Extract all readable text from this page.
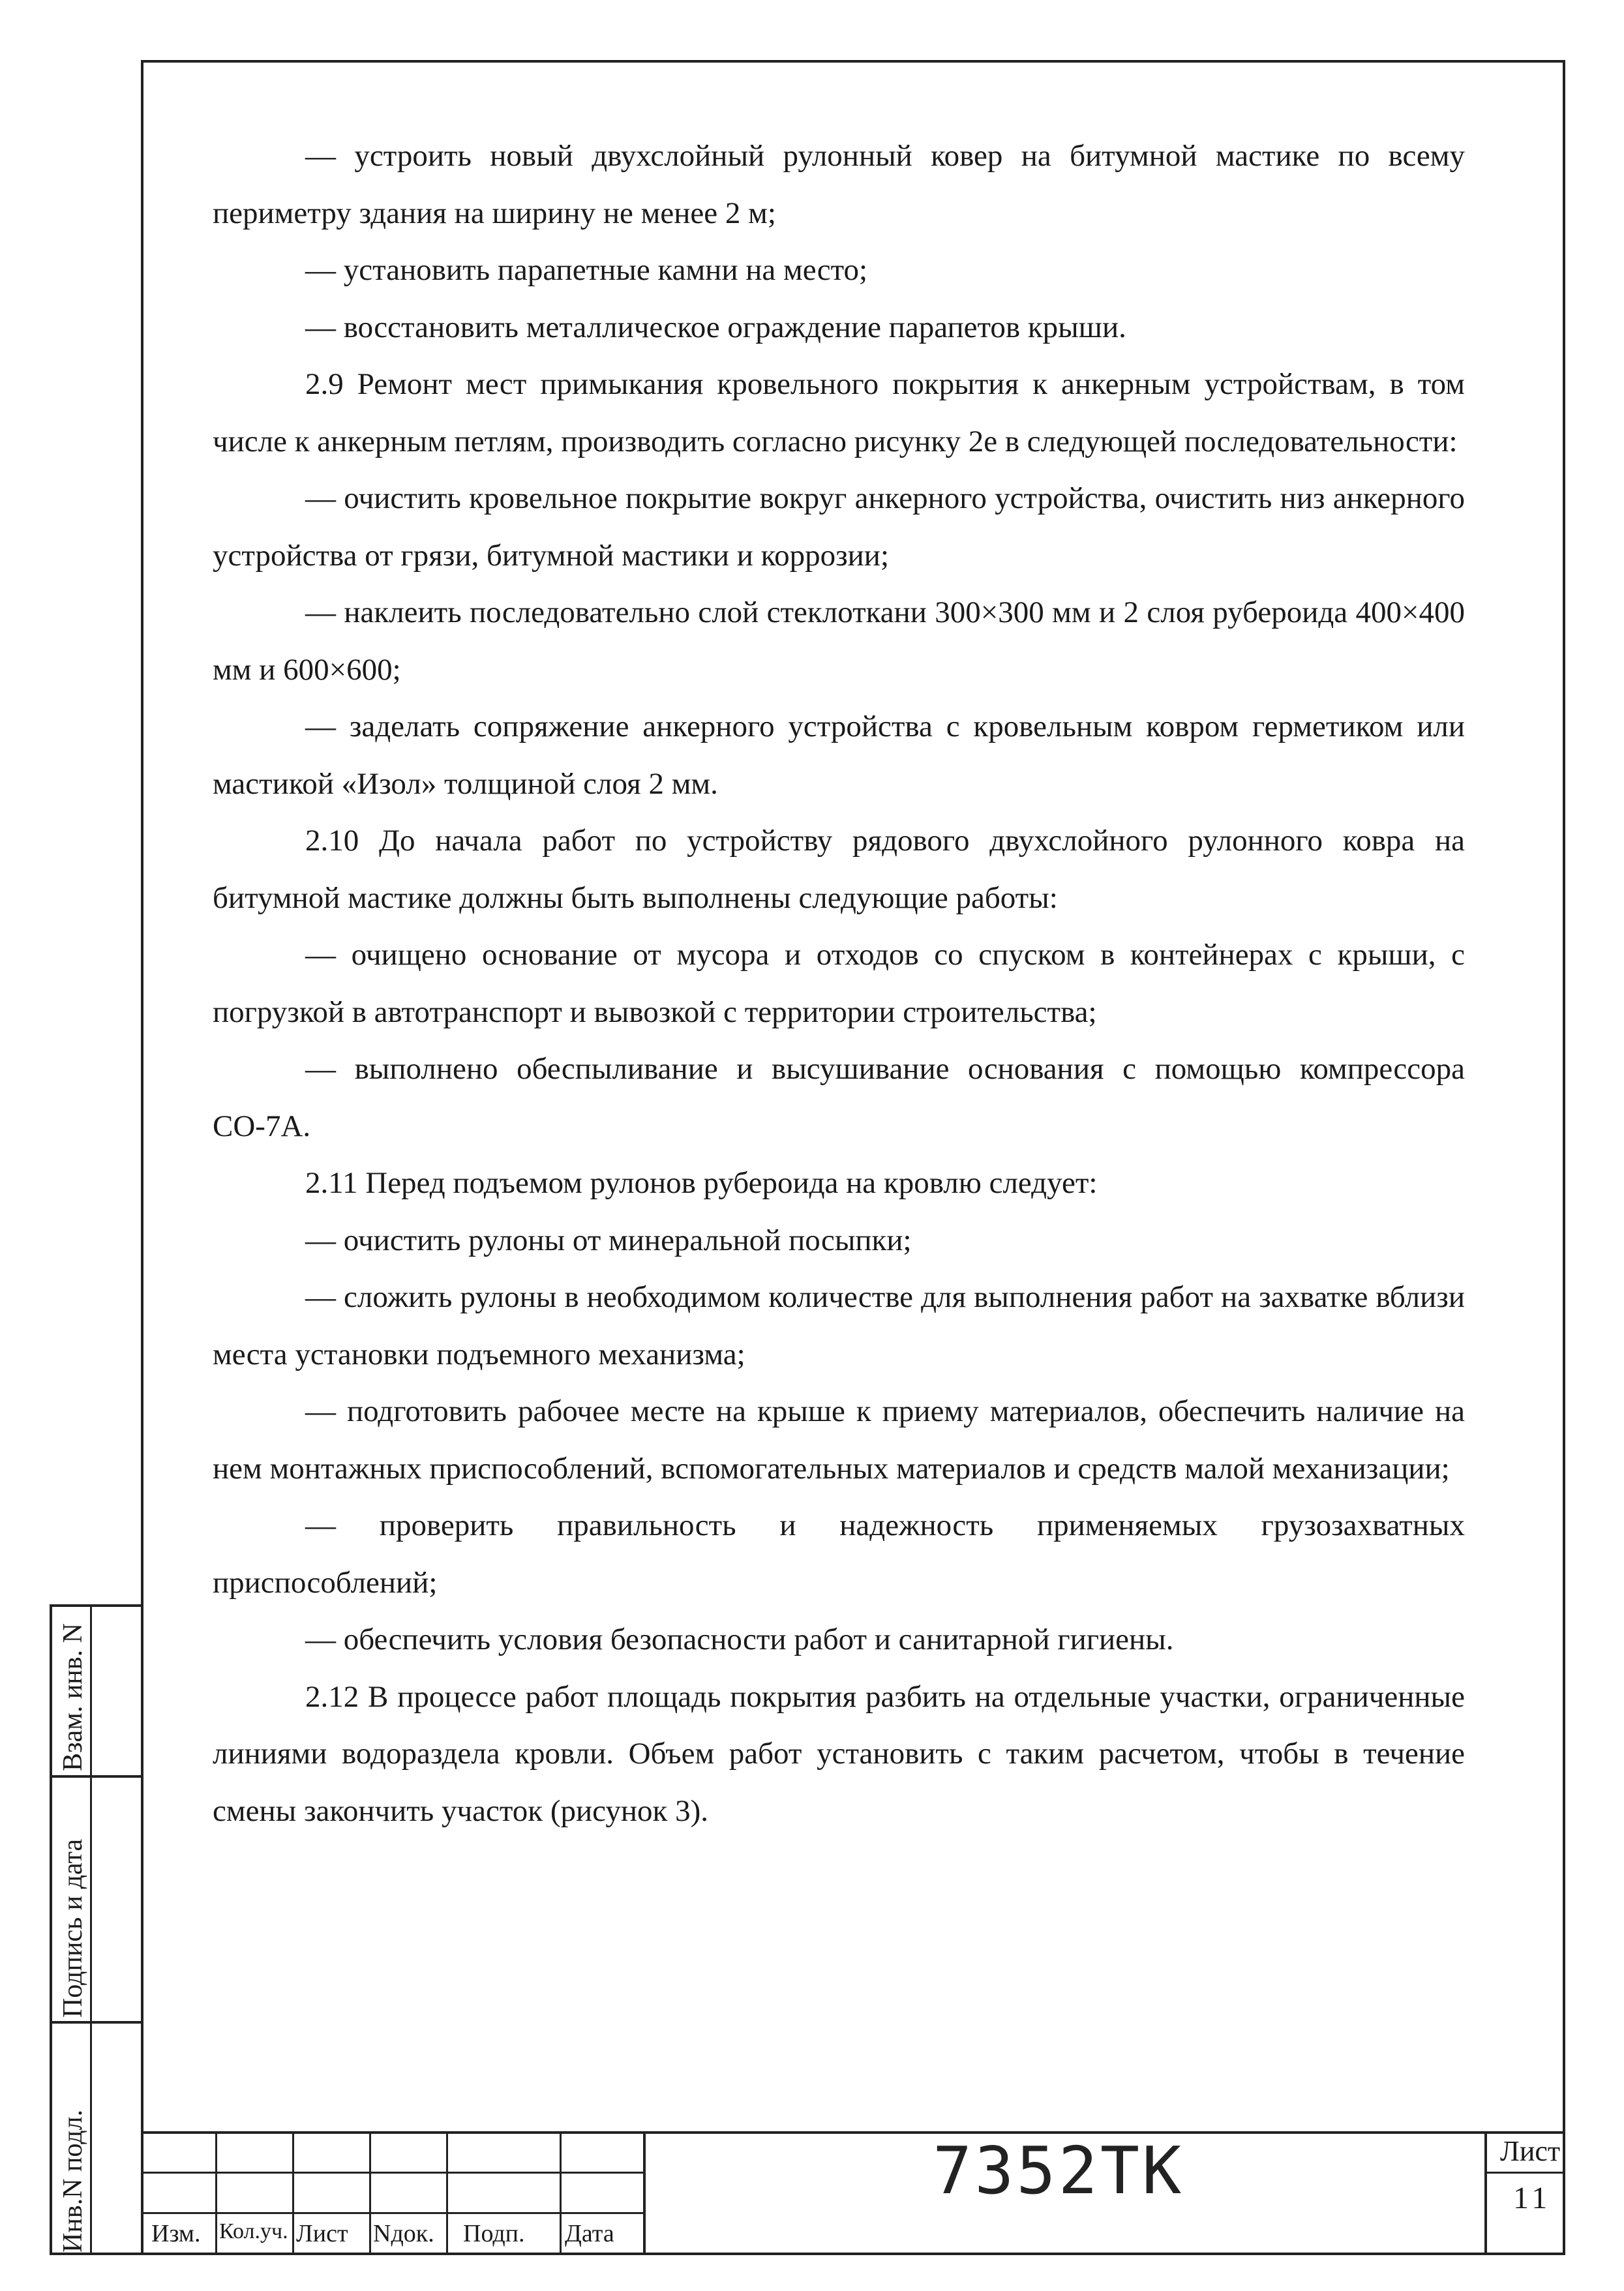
— устроить новый двухслойный рулонный ковер на битумной мастике по всему периметру здания на ширину не менее 2 м;

— установить парапетные камни на место;

— восстановить металлическое ограждение парапетов крыши.

2.9 Ремонт мест примыкания кровельного покрытия к анкерным устройствам, в том числе к анкерным петлям, производить согласно рисунку 2е в следующей последовательности:

— очистить кровельное покрытие вокруг анкерного устройства, очистить низ анкерного устройства от грязи, битумной мастики и коррозии;

— наклеить последовательно слой стеклоткани 300×300 мм и 2 слоя рубероида 400×400 мм и 600×600;

— заделать сопряжение анкерного устройства с кровельным ковром герметиком или мастикой «Изол» толщиной слоя 2 мм.

2.10 До начала работ по устройству рядового двухслойного рулонного ковра на битумной мастике должны быть выполнены следующие работы:

— очищено основание от мусора и отходов со спуском в контейнерах с крыши, с погрузкой в автотранспорт и вывозкой с территории строительства;

— выполнено обеспыливание и высушивание основания с помощью компрессора СО-7А.

2.11 Перед подъемом рулонов рубероида на кровлю следует:

— очистить рулоны от минеральной посыпки;

— сложить рулоны в необходимом количестве для выполнения работ на захватке вблизи места установки подъемного механизма;

— подготовить рабочее месте на крыше к приему материалов, обеспечить наличие на нем монтажных приспособлений, вспомогательных материалов и средств малой механизации;

— проверить правильность и надежность применяемых грузозахватных приспособлений;

— обеспечить условия безопасности работ и санитарной гигиены.

2.12 В процессе работ площадь покрытия разбить на отдельные участки, ограниченные линиями водораздела кровли. Объем работ установить с таким расчетом, чтобы в течение смены закончить участок (рисунок 3).

Инв.N подл.
Подпись и дата
Взам. инв. N
Изм. Кол.уч. Лист Nдок. Подп. Дата
7352ТК	Лист
11
